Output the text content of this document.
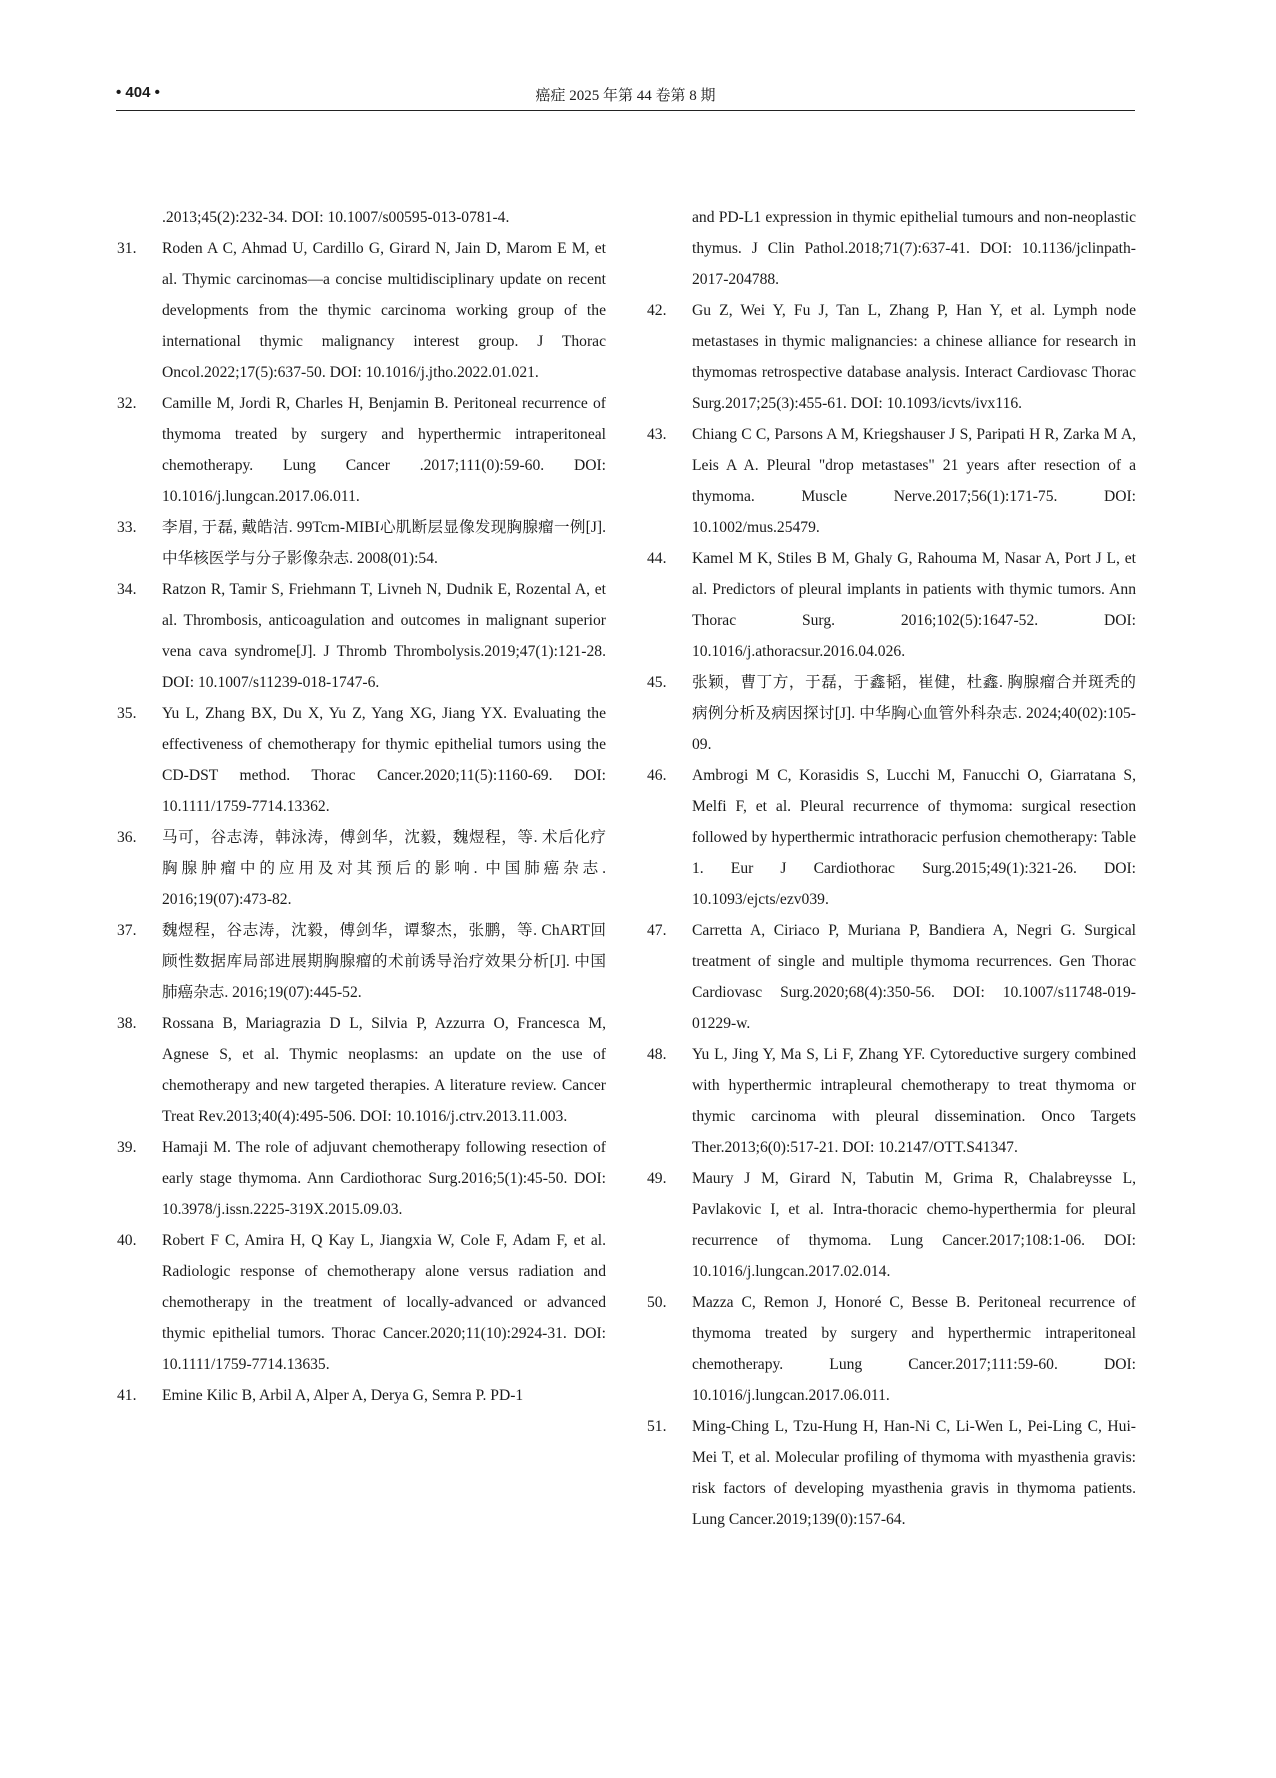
• 404 •	癌症 2025 年第 44 卷第 8 期
.2013;45(2):232-34. DOI: 10.1007/s00595-013-0781-4.
31. Roden A C, Ahmad U, Cardillo G, Girard N, Jain D, Marom E M, et al. Thymic carcinomas—a concise multidisciplinary update on recent developments from the thymic carcinoma working group of the international thymic malignancy interest group. J Thorac Oncol.2022;17(5):637-50. DOI: 10.1016/j.jtho.2022.01.021.
32. Camille M, Jordi R, Charles H, Benjamin B. Peritoneal recurrence of thymoma treated by surgery and hyperthermic intraperitoneal chemotherapy. Lung Cancer .2017;111(0):59-60. DOI: 10.1016/j.lungcan.2017.06.011.
33. 李眉, 于磊, 戴皓洁. 99Tcm-MIBI心肌断层显像发现胸腺瘤一例[J]. 中华核医学与分子影像杂志. 2008(01):54.
34. Ratzon R, Tamir S, Friehmann T, Livneh N, Dudnik E, Rozental A, et al. Thrombosis, anticoagulation and outcomes in malignant superior vena cava syndrome[J]. J Thromb Thrombolysis.2019;47(1):121-28. DOI: 10.1007/s11239-018-1747-6.
35. Yu L, Zhang BX, Du X, Yu Z, Yang XG, Jiang YX. Evaluating the effectiveness of chemotherapy for thymic epithelial tumors using the CD-DST method. Thorac Cancer.2020;11(5):1160-69. DOI: 10.1111/1759-7714.13362.
36. 马可，谷志涛，韩泳涛，傅剑华，沈毅，魏煜程，等. 术后化疗胸腺肿瘤中的应用及对其预后的影响. 中国肺癌杂志. 2016;19(07):473-82.
37. 魏煜程，谷志涛，沈毅，傅剑华，谭黎杰，张鹏，等. ChART回顾性数据库局部进展期胸腺瘤的术前诱导治疗效果分析[J]. 中国肺癌杂志. 2016;19(07):445-52.
38. Rossana B, Mariagrazia D L, Silvia P, Azzurra O, Francesca M, Agnese S, et al. Thymic neoplasms: an update on the use of chemotherapy and new targeted therapies. A literature review. Cancer Treat Rev.2013;40(4):495-506. DOI: 10.1016/j.ctrv.2013.11.003.
39. Hamaji M. The role of adjuvant chemotherapy following resection of early stage thymoma. Ann Cardiothorac Surg.2016;5(1):45-50. DOI: 10.3978/j.issn.2225-319X.2015.09.03.
40. Robert F C, Amira H, Q Kay L, Jiangxia W, Cole F, Adam F, et al. Radiologic response of chemotherapy alone versus radiation and chemotherapy in the treatment of locally-advanced or advanced thymic epithelial tumors. Thorac Cancer.2020;11(10):2924-31. DOI: 10.1111/1759-7714.13635.
41. Emine Kilic B, Arbil A, Alper A, Derya G, Semra P. PD-1
and PD-L1 expression in thymic epithelial tumours and non-neoplastic thymus. J Clin Pathol.2018;71(7):637-41. DOI: 10.1136/jclinpath-2017-204788.
42. Gu Z, Wei Y, Fu J, Tan L, Zhang P, Han Y, et al. Lymph node metastases in thymic malignancies: a chinese alliance for research in thymomas retrospective database analysis. Interact Cardiovasc Thorac Surg.2017;25(3):455-61. DOI: 10.1093/icvts/ivx116.
43. Chiang C C, Parsons A M, Kriegshauser J S, Paripati H R, Zarka M A, Leis A A. Pleural "drop metastases" 21 years after resection of a thymoma. Muscle Nerve.2017;56(1):171-75. DOI: 10.1002/mus.25479.
44. Kamel M K, Stiles B M, Ghaly G, Rahouma M, Nasar A, Port J L, et al. Predictors of pleural implants in patients with thymic tumors. Ann Thorac Surg. 2016;102(5):1647-52. DOI: 10.1016/j.athoracsur.2016.04.026.
45. 张颖，曹丁方，于磊，于鑫韬，崔健，杜鑫. 胸腺瘤合并斑秃的病例分析及病因探讨[J]. 中华胸心血管外科杂志. 2024;40(02):105-09.
46. Ambrogi M C, Korasidis S, Lucchi M, Fanucchi O, Giarratana S, Melfi F, et al. Pleural recurrence of thymoma: surgical resection followed by hyperthermic intrathoracic perfusion chemotherapy: Table 1. Eur J Cardiothorac Surg.2015;49(1):321-26. DOI: 10.1093/ejcts/ezv039.
47. Carretta A, Ciriaco P, Muriana P, Bandiera A, Negri G. Surgical treatment of single and multiple thymoma recurrences. Gen Thorac Cardiovasc Surg.2020;68(4):350-56. DOI: 10.1007/s11748-019-01229-w.
48. Yu L, Jing Y, Ma S, Li F, Zhang YF. Cytoreductive surgery combined with hyperthermic intrapleural chemotherapy to treat thymoma or thymic carcinoma with pleural dissemination. Onco Targets Ther.2013;6(0):517-21. DOI: 10.2147/OTT.S41347.
49. Maury J M, Girard N, Tabutin M, Grima R, Chalabreysse L, Pavlakovic I, et al. Intra-thoracic chemo-hyperthermia for pleural recurrence of thymoma. Lung Cancer.2017;108:1-06. DOI: 10.1016/j.lungcan.2017.02.014.
50. Mazza C, Remon J, Honoré C, Besse B. Peritoneal recurrence of thymoma treated by surgery and hyperthermic intraperitoneal chemotherapy. Lung Cancer.2017;111:59-60. DOI: 10.1016/j.lungcan.2017.06.011.
51. Ming-Ching L, Tzu-Hung H, Han-Ni C, Li-Wen L, Pei-Ling C, Hui-Mei T, et al. Molecular profiling of thymoma with myasthenia gravis: risk factors of developing myasthenia gravis in thymoma patients. Lung Cancer.2019;139(0):157-64.
